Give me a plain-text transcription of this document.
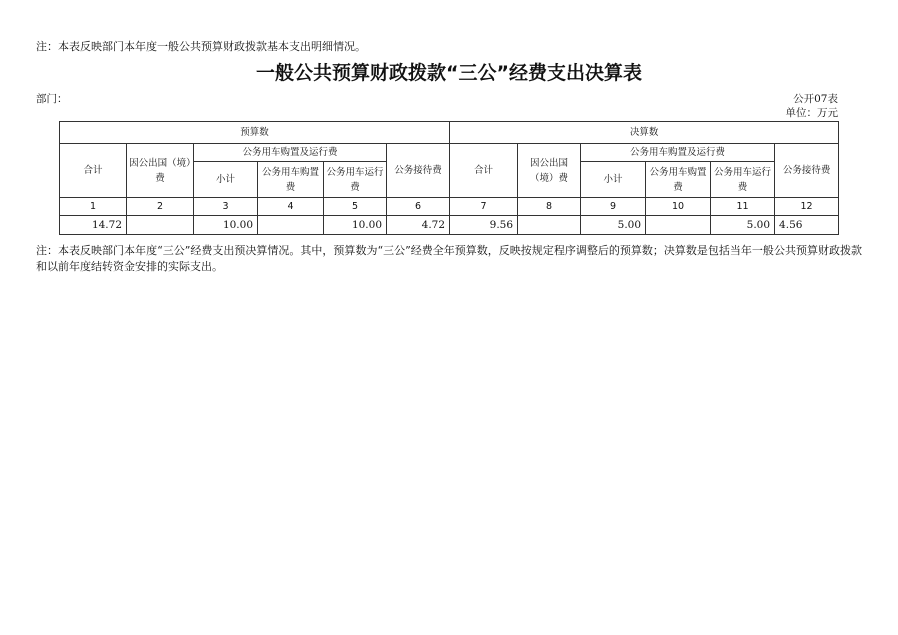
注：本表反映部门本年度一般公共预算财政拨款基本支出明细情况。
一般公共预算财政拨款“三公”经费支出决算表
部门：	公开07表
单位：万元
预算数						决算数					
合计	因公出国（境）费	公务用车购置及运行费			公务接待费	合计	因公出国（境）费	公务用车购置及运行费			公务接待费
		小计	公务用车购置费	公务用车运行费				小计	公务用车购置费	公务用车运行费	
1	2	3	4	5	6	7	8	9	10	11	12
14.72		10.00		10.00	4.72	9.56		5.00		5.00	4.56
注：本表反映部门本年度“三公”经费支出预决算情况。其中，预算数为“三公”经费全年预算数，反映按规定程序调整后的预算数；决算数是包括当年一般公共预算财政拨款和以前年度结转资金安排的实际支出。
